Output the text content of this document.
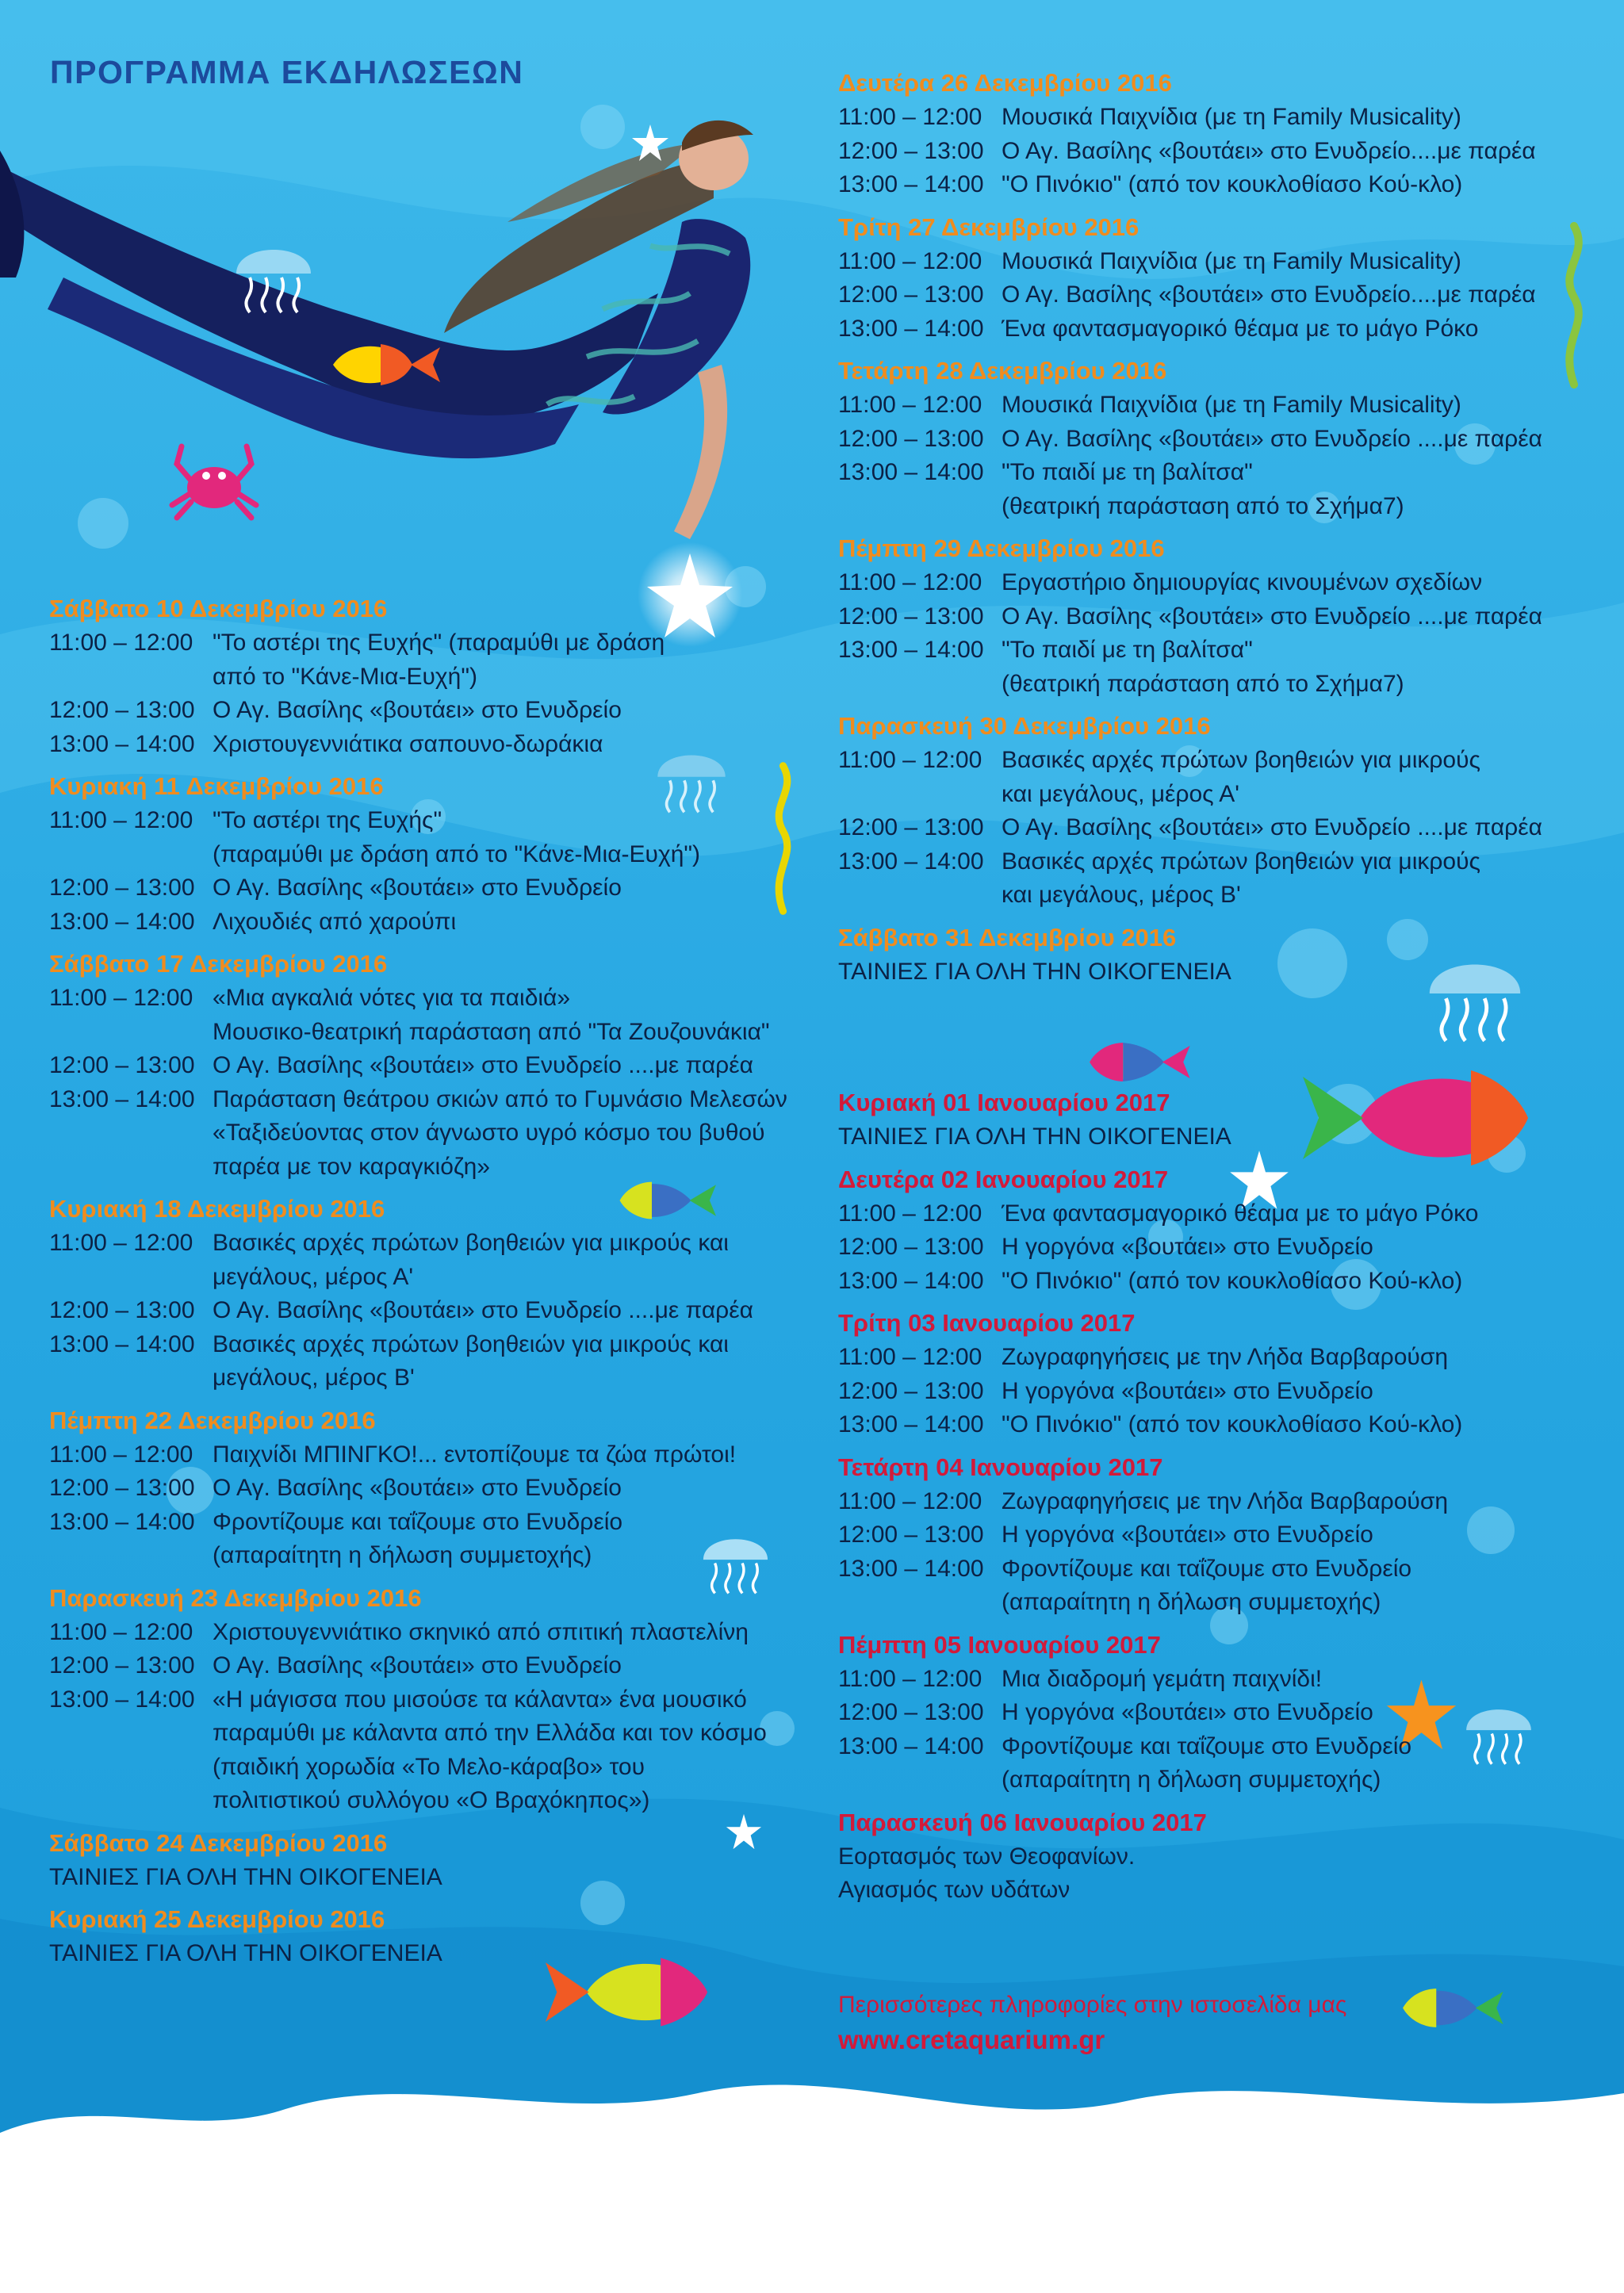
ΠΡΟΓΡΑΜΜΑ ΕΚΔΗΛΩΣΕΩΝ
Σάββατο 10 Δεκεμβρίου 2016
11:00 – 12:00 "Το αστέρι της Ευχής" (παραμύθι με δράση
από το "Κάνε-Μια-Ευχή")
12:00 – 13:00 Ο Αγ. Βασίλης «βουτάει» στο Ενυδρείο
13:00 – 14:00 Χριστουγεννιάτικα σαπουνο-δωράκια
Κυριακή 11 Δεκεμβρίου 2016
11:00 – 12:00 "Το αστέρι της Ευχής"
(παραμύθι με δράση από το "Κάνε-Μια-Ευχή")
12:00 – 13:00 Ο Αγ. Βασίλης «βουτάει» στο Ενυδρείο
13:00 – 14:00 Λιχουδιές από χαρούπι
Σάββατο 17 Δεκεμβρίου 2016
11:00 – 12:00 «Μια αγκαλιά νότες για τα παιδιά»
Μουσικο-θεατρική παράσταση από "Τα Ζουζουνάκια"
12:00 – 13:00 Ο Αγ. Βασίλης «βουτάει» στο Ενυδρείο ....με παρέα
13:00 – 14:00 Παράσταση θεάτρου σκιών από το Γυμνάσιο Μελεσών
«Ταξιδεύοντας στον άγνωστο υγρό κόσμο του βυθού
παρέα με τον καραγκιόζη»
Κυριακή 18 Δεκεμβρίου 2016
11:00 – 12:00 Βασικές αρχές πρώτων βοηθειών για μικρούς και
μεγάλους, μέρος Α'
12:00 – 13:00 Ο Αγ. Βασίλης «βουτάει» στο Ενυδρείο ....με παρέα
13:00 – 14:00 Βασικές αρχές πρώτων βοηθειών για μικρούς και
μεγάλους, μέρος Β'
Πέμπτη 22 Δεκεμβρίου 2016
11:00 – 12:00 Παιχνίδι ΜΠΙΝΓΚΟ!... εντοπίζουμε τα ζώα πρώτοι!
12:00 – 13:00 Ο Αγ. Βασίλης «βουτάει» στο Ενυδρείο
13:00 – 14:00 Φροντίζουμε και ταΐζουμε στο Ενυδρείο
(απαραίτητη η δήλωση συμμετοχής)
Παρασκευή 23 Δεκεμβρίου 2016
11:00 – 12:00 Χριστουγεννιάτικο σκηνικό από σπιτική πλαστελίνη
12:00 – 13:00 Ο Αγ. Βασίλης «βουτάει» στο Ενυδρείο
13:00 – 14:00 «Η μάγισσα που μισούσε τα κάλαντα» ένα μουσικό
παραμύθι με κάλαντα από την Ελλάδα και τον κόσμο
(παιδική χορωδία «Το Μελο-κάραβο» του
πολιτιστικού συλλόγου «Ο Βραχόκηπος»)
Σάββατο 24 Δεκεμβρίου 2016
ΤΑΙΝΙΕΣ ΓΙΑ ΟΛΗ ΤΗΝ ΟΙΚΟΓΕΝΕΙΑ
Κυριακή 25 Δεκεμβρίου 2016
ΤΑΙΝΙΕΣ ΓΙΑ ΟΛΗ ΤΗΝ ΟΙΚΟΓΕΝΕΙΑ
Δευτέρα 26 Δεκεμβρίου 2016
11:00 – 12:00 Μουσικά Παιχνίδια (με τη Family Musicality)
12:00 – 13:00 Ο Αγ. Βασίλης «βουτάει» στο Ενυδρείο....με παρέα
13:00 – 14:00 "Ο Πινόκιο" (από τον κουκλοθίασο Κού-κλο)
Τρίτη 27 Δεκεμβρίου 2016
11:00 – 12:00 Μουσικά Παιχνίδια (με τη Family Musicality)
12:00 – 13:00 Ο Αγ. Βασίλης «βουτάει» στο Ενυδρείο....με παρέα
13:00 – 14:00 Ένα φαντασμαγορικό θέαμα με το μάγο Ρόκο
Τετάρτη 28 Δεκεμβρίου 2016
11:00 – 12:00 Μουσικά Παιχνίδια (με τη Family Musicality)
12:00 – 13:00 Ο Αγ. Βασίλης «βουτάει» στο Ενυδρείο ....με παρέα
13:00 – 14:00 "Το παιδί με τη βαλίτσα"
(θεατρική παράσταση από το Σχήμα7)
Πέμπτη 29 Δεκεμβρίου 2016
11:00 – 12:00 Εργαστήριο δημιουργίας κινουμένων σχεδίων
12:00 – 13:00 Ο Αγ. Βασίλης «βουτάει» στο Ενυδρείο ....με παρέα
13:00 – 14:00 "Το παιδί με τη βαλίτσα"
(θεατρική παράσταση από το Σχήμα7)
Παρασκευή 30 Δεκεμβρίου 2016
11:00 – 12:00 Βασικές αρχές πρώτων βοηθειών για μικρούς
και μεγάλους, μέρος Α'
12:00 – 13:00 Ο Αγ. Βασίλης «βουτάει» στο Ενυδρείο ....με παρέα
13:00 – 14:00 Βασικές αρχές πρώτων βοηθειών για μικρούς
και μεγάλους, μέρος Β'
Σάββατο 31 Δεκεμβρίου 2016
ΤΑΙΝΙΕΣ ΓΙΑ ΟΛΗ ΤΗΝ ΟΙΚΟΓΕΝΕΙΑ
Κυριακή 01 Ιανουαρίου 2017
ΤΑΙΝΙΕΣ ΓΙΑ ΟΛΗ ΤΗΝ ΟΙΚΟΓΕΝΕΙΑ
Δευτέρα 02 Ιανουαρίου 2017
11:00 – 12:00 Ένα φαντασμαγορικό θέαμα με το μάγο Ρόκο
12:00 – 13:00 Η γοργόνα «βουτάει» στο Ενυδρείο
13:00 – 14:00 "Ο Πινόκιο" (από τον κουκλοθίασο Κού-κλο)
Τρίτη 03 Ιανουαρίου 2017
11:00 – 12:00 Ζωγραφηγήσεις με την Λήδα Βαρβαρούση
12:00 – 13:00 Η γοργόνα «βουτάει» στο Ενυδρείο
13:00 – 14:00 "Ο Πινόκιο" (από τον κουκλοθίασο Κού-κλο)
Τετάρτη 04 Ιανουαρίου 2017
11:00 – 12:00 Ζωγραφηγήσεις με την Λήδα Βαρβαρούση
12:00 – 13:00 Η γοργόνα «βουτάει» στο Ενυδρείο
13:00 – 14:00 Φροντίζουμε και ταΐζουμε στο Ενυδρείο
(απαραίτητη η δήλωση συμμετοχής)
Πέμπτη 05 Ιανουαρίου 2017
11:00 – 12:00 Μια διαδρομή γεμάτη παιχνίδι!
12:00 – 13:00 Η γοργόνα «βουτάει» στο Ενυδρείο
13:00 – 14:00 Φροντίζουμε και ταΐζουμε στο Ενυδρείο
(απαραίτητη η δήλωση συμμετοχής)
Παρασκευή 06 Ιανουαρίου 2017
Εορτασμός των Θεοφανίων.
Αγιασμός των υδάτων
Περισσότερες πληροφορίες στην ιστοσελίδα μας
www.cretaquarium.gr
